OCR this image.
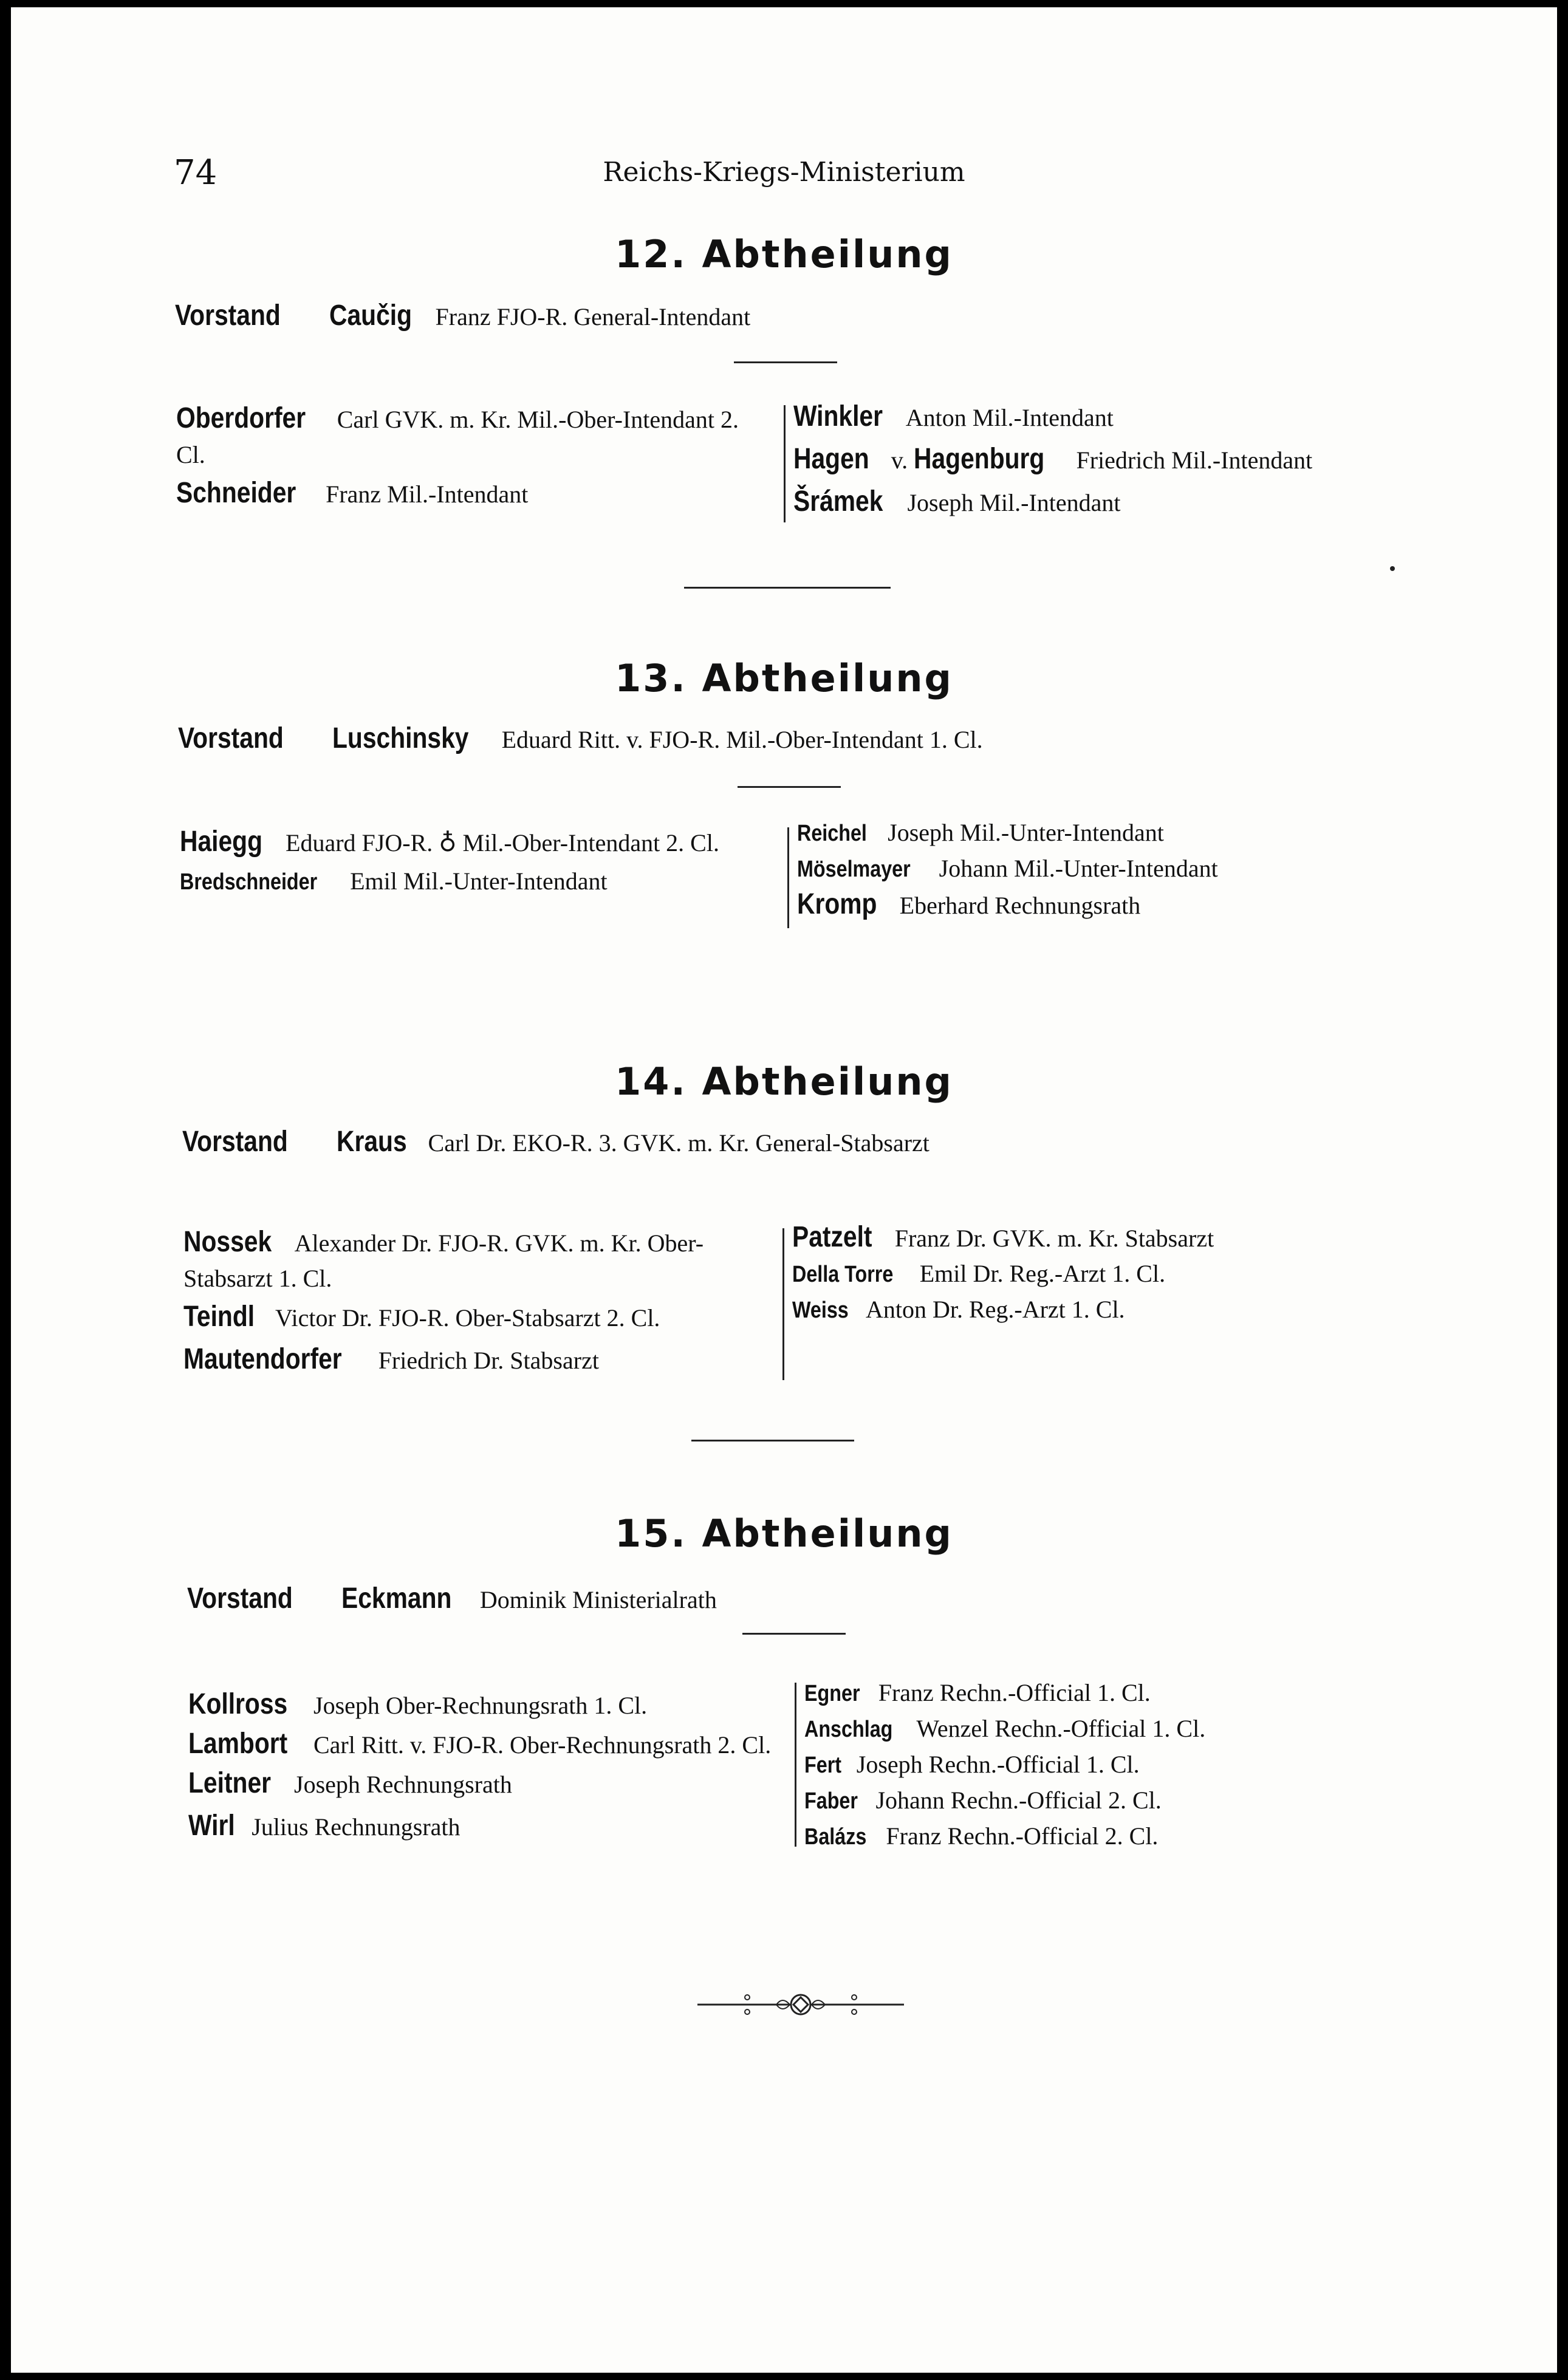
74	Reichs-Kriegs-Ministerium
12. Abtheilung
Vorstand Caučig Franz FJO-R. General-Intendant
Oberdorfer Carl GVK. m. Kr. Mil.-Ober-Intendant 2. Cl.
Schneider Franz Mil.-Intendant
Winkler Anton Mil.-Intendant
Hagen v. Hagenburg Friedrich Mil.-Intendant
Šrámek Joseph Mil.-Intendant
13. Abtheilung
Vorstand Luschinsky Eduard Ritt. v. FJO-R. Mil.-Ober-Intendant 1. Cl.
Haiegg Eduard FJO-R. ♁ Mil.-Ober-Intendant 2. Cl.
Bredschneider Emil Mil.-Unter-Intendant
Reichel Joseph Mil.-Unter-Intendant
Möselmayer Johann Mil.-Unter-Intendant
Kromp Eberhard Rechnungsrath
14. Abtheilung
Vorstand Kraus Carl Dr. EKO-R. 3. GVK. m. Kr. General-Stabsarzt
Nossek Alexander Dr. FJO-R. GVK. m. Kr. Ober-Stabsarzt 1. Cl.
Teindl Victor Dr. FJO-R. Ober-Stabsarzt 2. Cl.
Mautendorfer Friedrich Dr. Stabsarzt
Patzelt Franz Dr. GVK. m. Kr. Stabsarzt
Della Torre Emil Dr. Reg.-Arzt 1. Cl.
Weiss Anton Dr. Reg.-Arzt 1. Cl.
15. Abtheilung
Vorstand Eckmann Dominik Ministerialrath
Kollross Joseph Ober-Rechnungsrath 1. Cl.
Lambort Carl Ritt. v. FJO-R. Ober-Rechnungsrath 2. Cl.
Leitner Joseph Rechnungsrath
Wirl Julius Rechnungsrath
Egner Franz Rechn.-Official 1. Cl.
Anschlag Wenzel Rechn.-Official 1. Cl.
Fert Joseph Rechn.-Official 1. Cl.
Faber Johann Rechn.-Official 2. Cl.
Balázs Franz Rechn.-Official 2. Cl.
